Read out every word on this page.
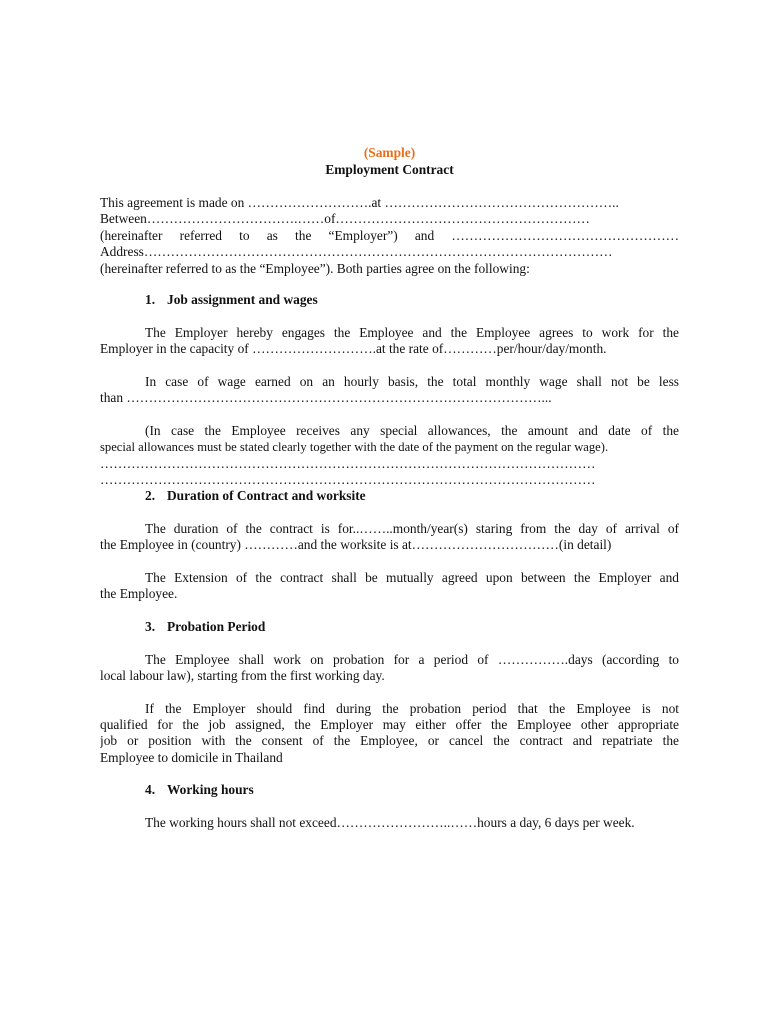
(Sample)
Employment Contract
This agreement is made on ……………………….at ……………………………………………..
Between…………………………….……of…………………………………………………
(hereinafter referred to as the “Employer”) and ……………………………………………
Address……………………………………………………………………………………………
(hereinafter referred to as the “Employee”). Both parties agree on the following:
1. Job assignment and wages
The Employer hereby engages the Employee and the Employee agrees to work for the
Employer in the capacity of ……………………….at the rate of…………per/hour/day/month.
In case of wage earned on an hourly basis, the total monthly wage shall not be less
than …………………………………………………………………………………...
(In case the Employee receives any special allowances, the amount and date of the
special allowances must be stated clearly together with the date of the payment on the regular wage).
…………………………………………………………………………………………………
…………………………………………………………………………………………………
2. Duration of Contract and worksite
The duration of the contract is for..……..month/year(s) staring from the day of arrival of
the Employee in (country) …………and the worksite is at……………………………(in detail)
The Extension of the contract shall be mutually agreed upon between the Employer and
the Employee.
3. Probation Period
The Employee shall work on probation for a period of …………….days (according to
local labour law), starting from the first working day.
If the Employer should find during the probation period that the Employee is not
qualified for the job assigned, the Employer may either offer the Employee other appropriate
job or position with the consent of the Employee, or cancel the contract and repatriate the
Employee to domicile in Thailand
4. Working hours
The working hours shall not exceed……………………..……hours a day, 6 days per week.
